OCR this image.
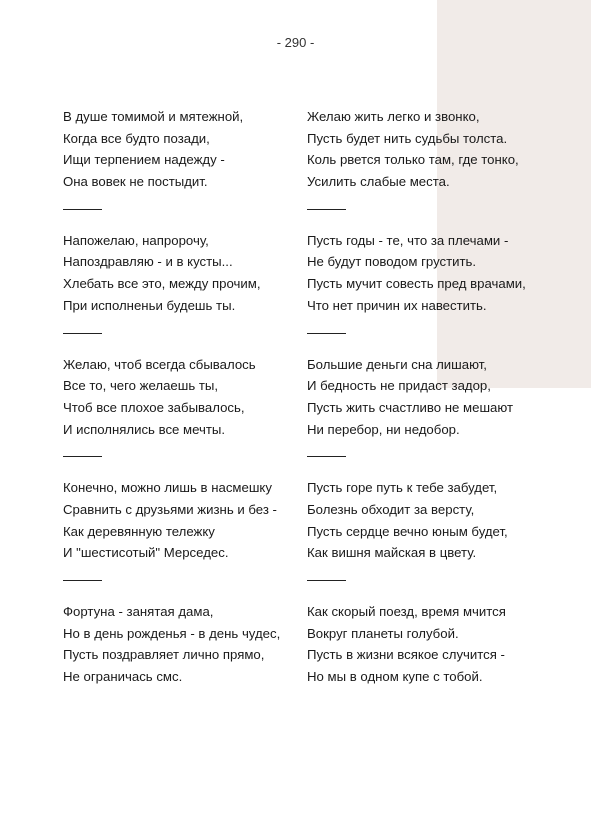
- 290 -
В душе томимой и мятежной,
Когда все будто позади,
Ищи терпением надежду -
Она вовек не постыдит.
Напожелаю, напророчу,
Напоздравляю - и в кусты...
Хлебать все это, между прочим,
При исполненьи будешь ты.
Желаю, чтоб всегда сбывалось
Все то, чего желаешь ты,
Чтоб все плохое забывалось,
И исполнялись все мечты.
Конечно, можно лишь в насмешку
Сравнить с друзьями жизнь и без -
Как деревянную тележку
И "шестисотый" Мерседес.
Фортуна - занятая дама,
Но в день рожденья - в день чудес,
Пусть поздравляет лично прямо,
Не ограничась смс.
Желаю жить легко и звонко,
Пусть будет нить судьбы толста.
Коль рвется только там, где тонко,
Усилить слабые места.
Пусть годы - те, что за плечами -
Не будут поводом грустить.
Пусть мучит совесть пред врачами,
Что нет причин их навестить.
Большие деньги сна лишают,
И бедность не придаст задор,
Пусть жить счастливо не мешают
Ни перебор, ни недобор.
Пусть горе путь к тебе забудет,
Болезнь обходит за версту,
Пусть сердце вечно юным будет,
Как вишня майская в цвету.
Как скорый поезд, время мчится
Вокруг планеты голубой.
Пусть в жизни всякое случится -
Но мы в одном купе с тобой.
